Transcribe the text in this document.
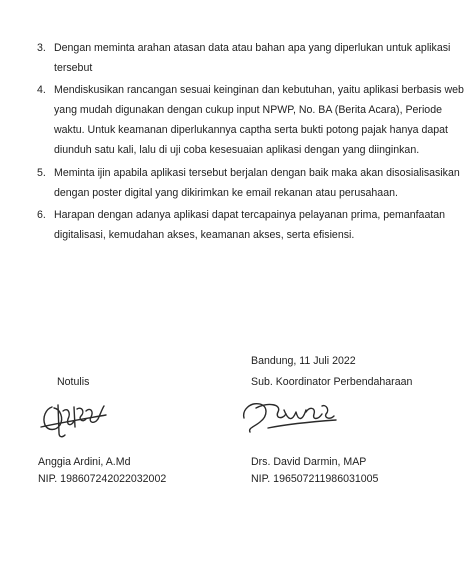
3. Dengan meminta arahan atasan data atau bahan apa yang diperlukan untuk aplikasi
tersebut
4. Mendiskusikan rancangan sesuai keinginan dan kebutuhan, yaitu aplikasi berbasis web
yang mudah digunakan dengan cukup input NPWP, No. BA (Berita Acara), Periode
waktu. Untuk keamanan diperlukannya captha serta bukti potong pajak hanya dapat
diunduh satu kali, lalu di uji coba kesesuaian aplikasi dengan yang diinginkan.
5. Meminta ijin apabila aplikasi tersebut berjalan dengan baik maka akan disosialisasikan
dengan poster digital yang dikirimkan ke email rekanan atau perusahaan.
6. Harapan dengan adanya aplikasi dapat tercapainya pelayanan prima, pemanfaatan
digitalisasi, kemudahan akses, keamanan akses, serta efisiensi.
Bandung, 11 Juli 2022
Sub. Koordinator Perbendaharaan
Notulis
Anggia Ardini, A.Md
NIP. 198607242022032002
Drs. David Darmin, MAP
NIP. 196507211986031005
